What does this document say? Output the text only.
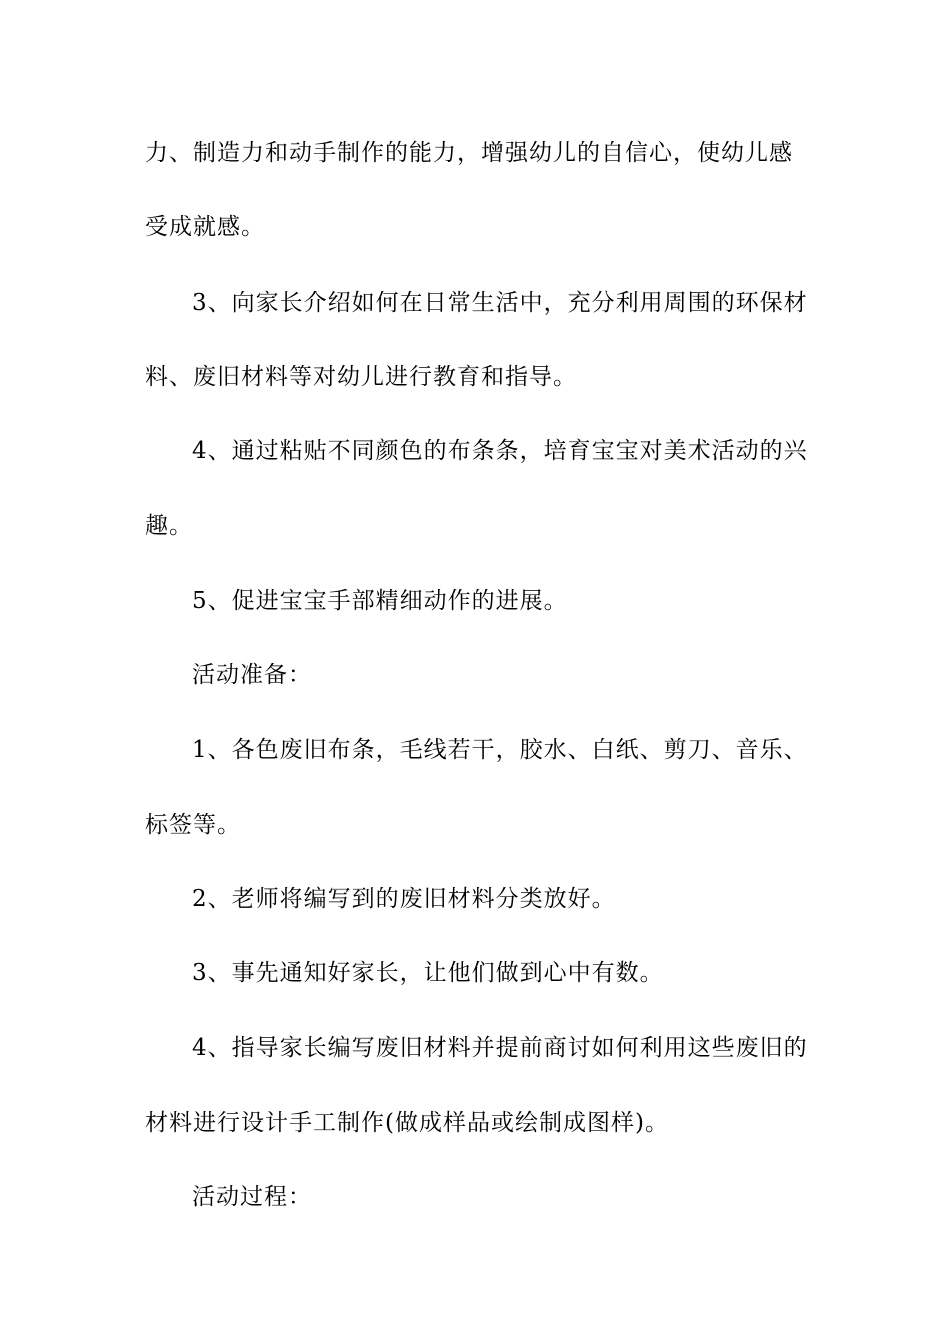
力、制造力和动手制作的能力，增强幼儿的自信心，使幼儿感
受成就感。
3、向家长介绍如何在日常生活中，充分利用周围的环保材
料、废旧材料等对幼儿进行教育和指导。
4、通过粘贴不同颜色的布条条，培育宝宝对美术活动的兴
趣。
5、促进宝宝手部精细动作的进展。
活动准备：
1、各色废旧布条，毛线若干，胶水、白纸、剪刀、音乐、
标签等。
2、老师将编写到的废旧材料分类放好。
3、事先通知好家长，让他们做到心中有数。
4、指导家长编写废旧材料并提前商讨如何利用这些废旧的
材料进行设计手工制作(做成样品或绘制成图样)。
活动过程：
